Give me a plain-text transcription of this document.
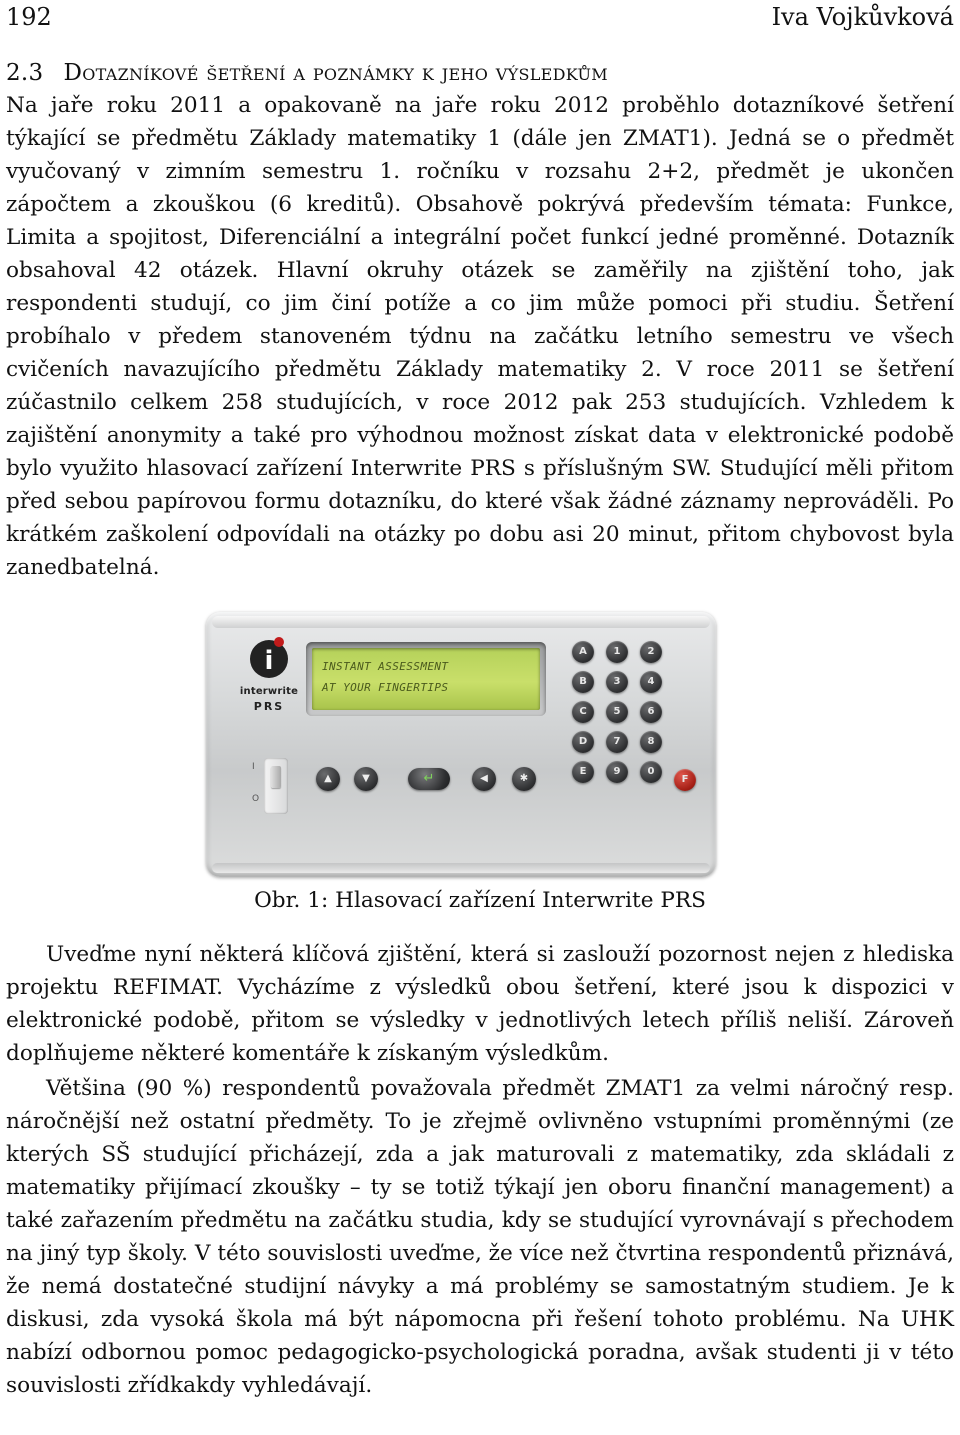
192	Iva Vojkůvková
2.3 Dotazníkové šetření a poznámky k jeho výsledkům

Na jaře roku 2011 a opakovaně na jaře roku 2012 proběhlo dotazníkové šetření týkající se předmětu Základy matematiky 1 (dále jen ZMAT1). Jedná se o předmět vyučovaný v zimním semestru 1. ročníku v rozsahu 2+2, předmět je ukončen zápočtem a zkouškou (6 kreditů). Obsahově pokrývá především témata: Funkce, Limita a spojitost, Diferenciální a integrální počet funkcí jedné proměnné. Dotazník obsahoval 42 otázek. Hlavní okruhy otázek se zaměřily na zjištění toho, jak respondenti studují, co jim činí potíže a co jim může pomoci při studiu. Šetření probíhalo v předem stanoveném týdnu na začátku letního semestru ve všech cvičeních navazujícího předmětu Základy matematiky 2. V roce 2011 se šetření zúčastnilo celkem 258 studujících, v roce 2012 pak 253 studujících. Vzhledem k zajištění anonymity a také pro výhodnou možnost získat data v elektronické podobě bylo využito hlasovací zařízení Interwrite PRS s příslušným SW. Studující měli přitom před sebou papírovou formu dotazníku, do které však žádné záznamy neprováděli. Po krátkém zaškolení odpovídali na otázky po dobu asi 20 minut, přitom chybovost byla zanedbatelná.

i
interwrite
PRS
INSTANT ASSESSMENT
AT YOUR FINGERTIPS
A	1	2
B	3	4
C	5	6
D	7	8
E	9	0
F
I
O
▲	▼	↵	◀	✱
Obr. 1: Hlasovací zařízení Interwrite PRS

Uveďme nyní některá klíčová zjištění, která si zaslouží pozornost nejen z hlediska projektu REFIMAT. Vycházíme z výsledků obou šetření, které jsou k dispozici v elektronické podobě, přitom se výsledky v jednotlivých letech příliš neliší. Zároveň doplňujeme některé komentáře k získaným výsledkům.

Většina (90 %) respondentů považovala předmět ZMAT1 za velmi náročný resp. náročnější než ostatní předměty. To je zřejmě ovlivněno vstupními proměnnými (ze kterých SŠ studující přicházejí, zda a jak maturovali z matematiky, zda skládali z matematiky přijímací zkoušky – ty se totiž týkají jen oboru finanční management) a také zařazením předmětu na začátku studia, kdy se studující vyrovnávají s přechodem na jiný typ školy. V této souvislosti uveďme, že více než čtvrtina respondentů přiznává, že nemá dostatečné studijní návyky a má problémy se samostatným studiem. Je k diskusi, zda vysoká škola má být nápomocna při řešení tohoto problému. Na UHK nabízí odbornou pomoc pedagogicko-psychologická poradna, avšak studenti ji v této souvislosti zřídkakdy vyhledávají.
